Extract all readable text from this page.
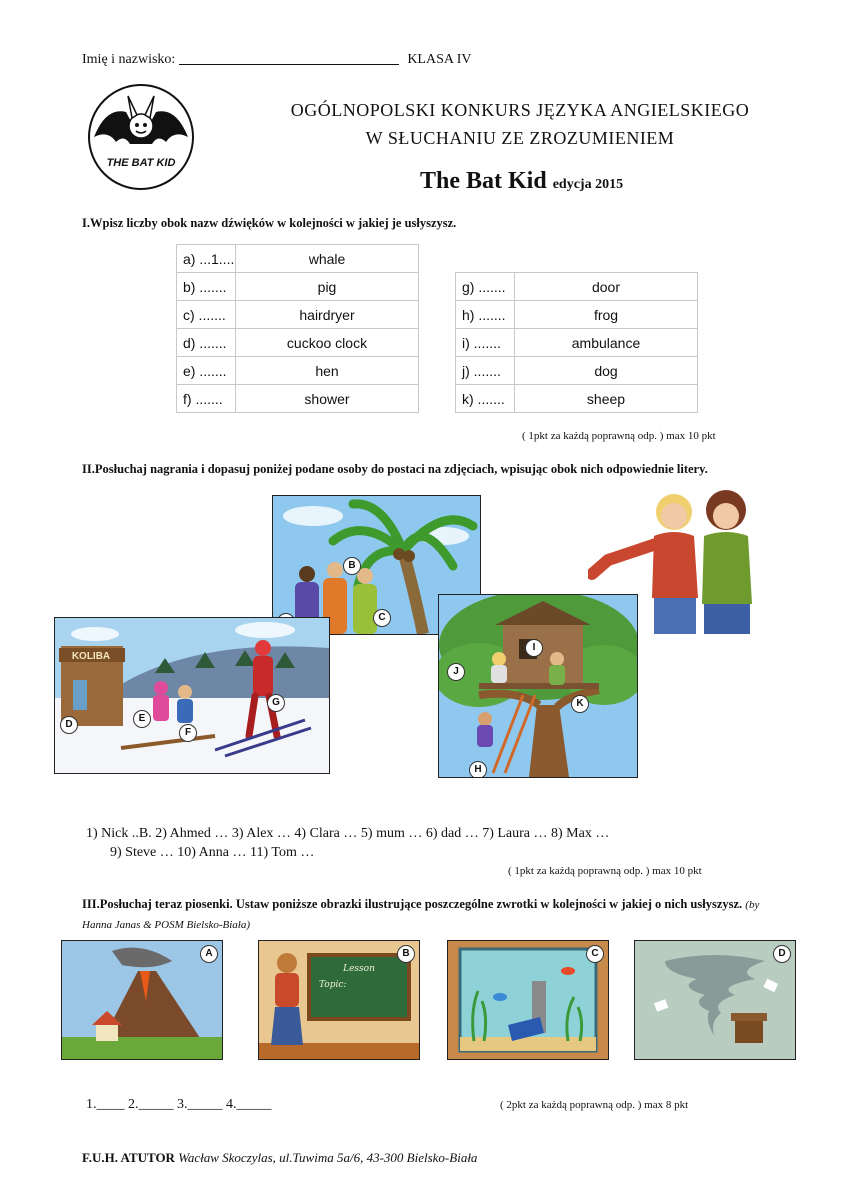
Imię i nazwisko:	KLASA IV
THE BAT KID
OGÓLNOPOLSKI KONKURS JĘZYKA ANGIELSKIEGO
W SŁUCHANIU ZE ZROZUMIENIEM
The Bat Kid edycja 2015
I.Wpisz liczby obok nazw dźwięków w kolejności w jakiej je usłyszysz.
a) ...1....	whale
b) .......	pig
c) .......	hairdryer
d) .......	cuckoo clock
e) .......	hen
f) .......	shower
g) .......	door
h) .......	frog
i) .......	ambulance
j) .......	dog
k) .......	sheep
( 1pkt za każdą poprawną odp. ) max 10 pkt
II.Posłuchaj nagrania i dopasuj poniżej podane osoby do postaci na zdjęciach, wpisując obok nich odpowiednie litery.
B
C
KOLIBA
D
E
F
G
I
J
K
H
1) Nick ..B. 2) Ahmed … 3) Alex … 4) Clara … 5) mum … 6) dad … 7) Laura … 8) Max …
9) Steve … 10) Anna … 11) Tom …
( 1pkt za każdą poprawną odp. ) max 10 pkt
III.Posłuchaj teraz piosenki. Ustaw poniższe obrazki ilustrujące poszczególne zwrotki w kolejności w jakiej o nich usłyszysz. (by Hanna Janas & POSM Bielsko-Biała)
A
Lesson
Topic:
B	C	D
1.____ 2._____ 3._____ 4._____	( 2pkt za każdą poprawną odp. ) max 8 pkt
F.U.H. ATUTOR Wacław Skoczylas, ul.Tuwima 5a/6, 43-300 Bielsko-Biała
